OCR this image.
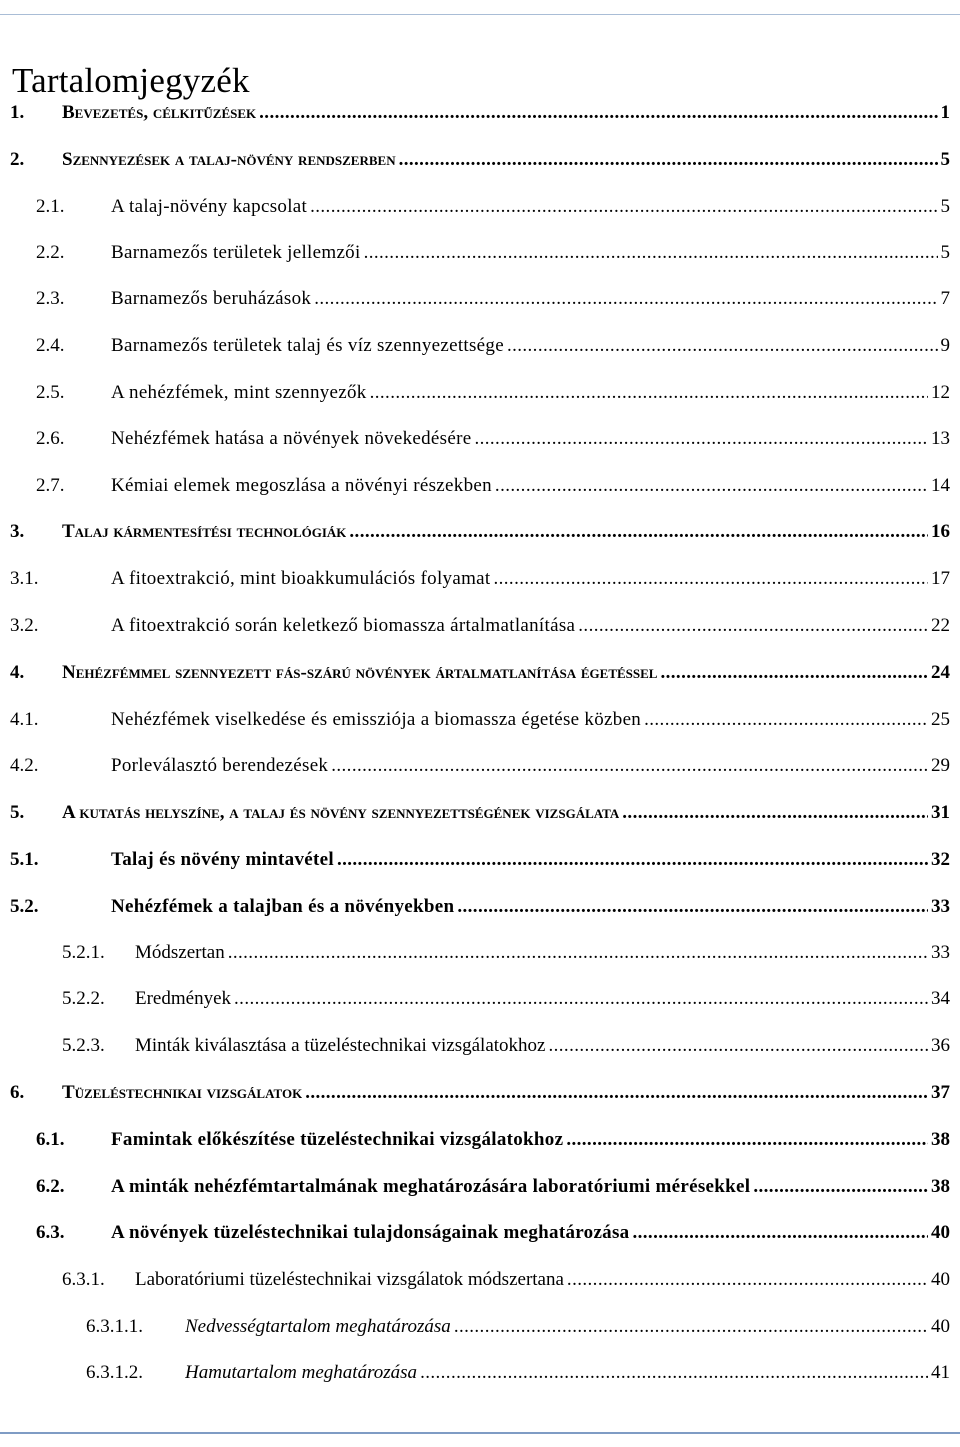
Tartalomjegyzék
1.	Bevezetés, célkitűzések .....	1
2.	Szennyezések a talaj-növény rendszerben .....	5
2.1.	A talaj-növény kapcsolat .....	5
2.2.	Barnamezős területek jellemzői .....	5
2.3.	Barnamezős beruházások .....	7
2.4.	Barnamezős területek talaj és víz szennyezettsége .....	9
2.5.	A nehézfémek, mint szennyezők .....	12
2.6.	Nehézfémek hatása a növények növekedésére .....	13
2.7.	Kémiai elemek megoszlása a növényi részekben .....	14
3.	Talaj kármentesítési technológiák .....	16
3.1.	A fitoextrakció, mint bioakkumulációs folyamat .....	17
3.2.	A fitoextrakció során keletkező biomassza ártalmatlanítása .....	22
4.	Nehézfémmel szennyezett fás-szárú növények ártalmatlanítása égetéssel .....	24
4.1.	Nehézfémek viselkedése és emissziója a biomassza égetése közben .....	25
4.2.	Porleválasztó berendezések .....	29
5.	A kutatás helyszíne, a talaj és növény szennyezettségének vizsgálata .....	31
5.1.	Talaj és növény mintavétel .....	32
5.2.	Nehézfémek a talajban és a növényekben .....	33
5.2.1.	Módszertan .....	33
5.2.2.	Eredmények .....	34
5.2.3.	Minták kiválasztása a tüzeléstechnikai vizsgálatokhoz .....	36
6.	Tüzeléstechnikai vizsgálatok .....	37
6.1.	Famintak előkészítése tüzeléstechnikai vizsgálatokhoz .....	38
6.2.	A minták nehézfémtartalmának meghatározására laboratóriumi mérésekkel .....	38
6.3.	A növények tüzeléstechnikai tulajdonságainak meghatározása .....	40
6.3.1.	Laboratóriumi tüzeléstechnikai vizsgálatok módszertana .....	40
6.3.1.1.	Nedvességtartalom meghatározása .....	40
6.3.1.2.	Hamutartalom meghatározása .....	41
